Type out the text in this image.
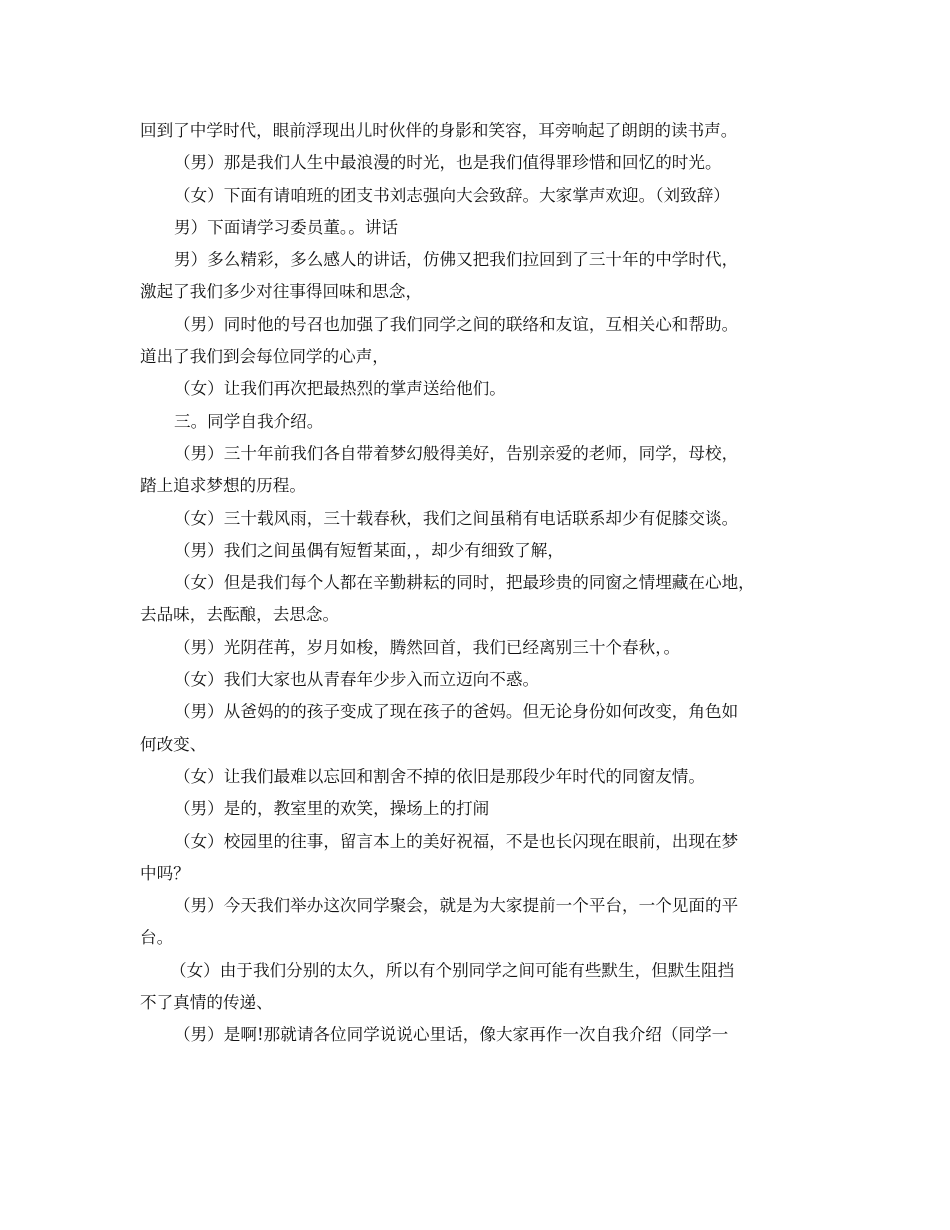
回到了中学时代，眼前浮现出儿时伙伴的身影和笑容，耳旁响起了朗朗的读书声。
（男）那是我们人生中最浪漫的时光，也是我们值得罪珍惜和回忆的时光。
（女）下面有请咱班的团支书刘志强向大会致辞。大家掌声欢迎。（刘致辞）
男）下面请学习委员董。。讲话
男）多么精彩，多么感人的讲话，仿佛又把我们拉回到了三十年的中学时代，
激起了我们多少对往事得回味和思念，
（男）同时他的号召也加强了我们同学之间的联络和友谊，互相关心和帮助。
道出了我们到会每位同学的心声，
（女）让我们再次把最热烈的掌声送给他们。
三。同学自我介绍。
（男）三十年前我们各自带着梦幻般得美好，告别亲爱的老师，同学，母校，
踏上追求梦想的历程。
（女）三十载风雨，三十载春秋，我们之间虽稍有电话联系却少有促膝交谈。
（男）我们之间虽偶有短暂某面，，却少有细致了解，
（女）但是我们每个人都在辛勤耕耘的同时，把最珍贵的同窗之情埋藏在心地，
去品味，去酝酿，去思念。
（男）光阴荏苒，岁月如梭，腾然回首，我们已经离别三十个春秋，。
（女）我们大家也从青春年少步入而立迈向不惑。
（男）从爸妈的的孩子变成了现在孩子的爸妈。但无论身份如何改变，角色如
何改变、
（女）让我们最难以忘回和割舍不掉的依旧是那段少年时代的同窗友情。
（男）是的，教室里的欢笑，操场上的打闹
（女）校园里的往事，留言本上的美好祝福，不是也长闪现在眼前，出现在梦
中吗？
（男）今天我们举办这次同学聚会，就是为大家提前一个平台，一个见面的平
台。
（女）由于我们分别的太久，所以有个别同学之间可能有些默生，但默生阻挡
不了真情的传递、
（男）是啊!那就请各位同学说说心里话，像大家再作一次自我介绍（同学一
